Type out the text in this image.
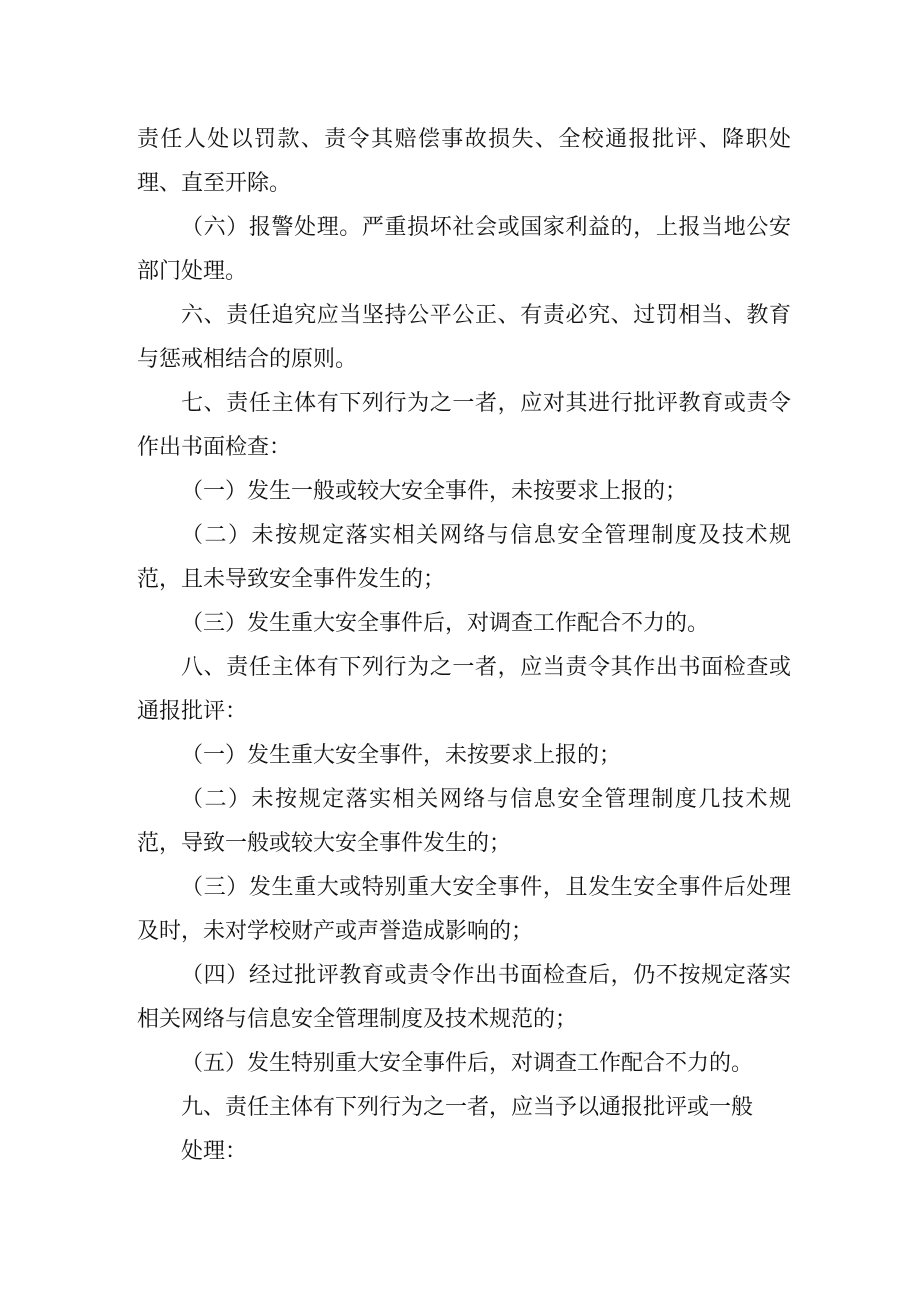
责任人处以罚款、责令其赔偿事故损失、全校通报批评、降职处理、直至开除。

（六）报警处理。严重损坏社会或国家利益的，上报当地公安部门处理。

六、责任追究应当坚持公平公正、有责必究、过罚相当、教育与惩戒相结合的原则。

七、责任主体有下列行为之一者，应对其进行批评教育或责令作出书面检查：

（一）发生一般或较大安全事件，未按要求上报的；

（二）未按规定落实相关网络与信息安全管理制度及技术规范，且未导致安全事件发生的；

（三）发生重大安全事件后，对调查工作配合不力的。

八、责任主体有下列行为之一者，应当责令其作出书面检查或通报批评：

（一）发生重大安全事件，未按要求上报的；

（二）未按规定落实相关网络与信息安全管理制度几技术规范，导致一般或较大安全事件发生的；

（三）发生重大或特别重大安全事件，且发生安全事件后处理及时，未对学校财产或声誉造成影响的；

（四）经过批评教育或责令作出书面检查后，仍不按规定落实相关网络与信息安全管理制度及技术规范的；

（五）发生特别重大安全事件后，对调查工作配合不力的。

九、责任主体有下列行为之一者，应当予以通报批评或一般

处理：
